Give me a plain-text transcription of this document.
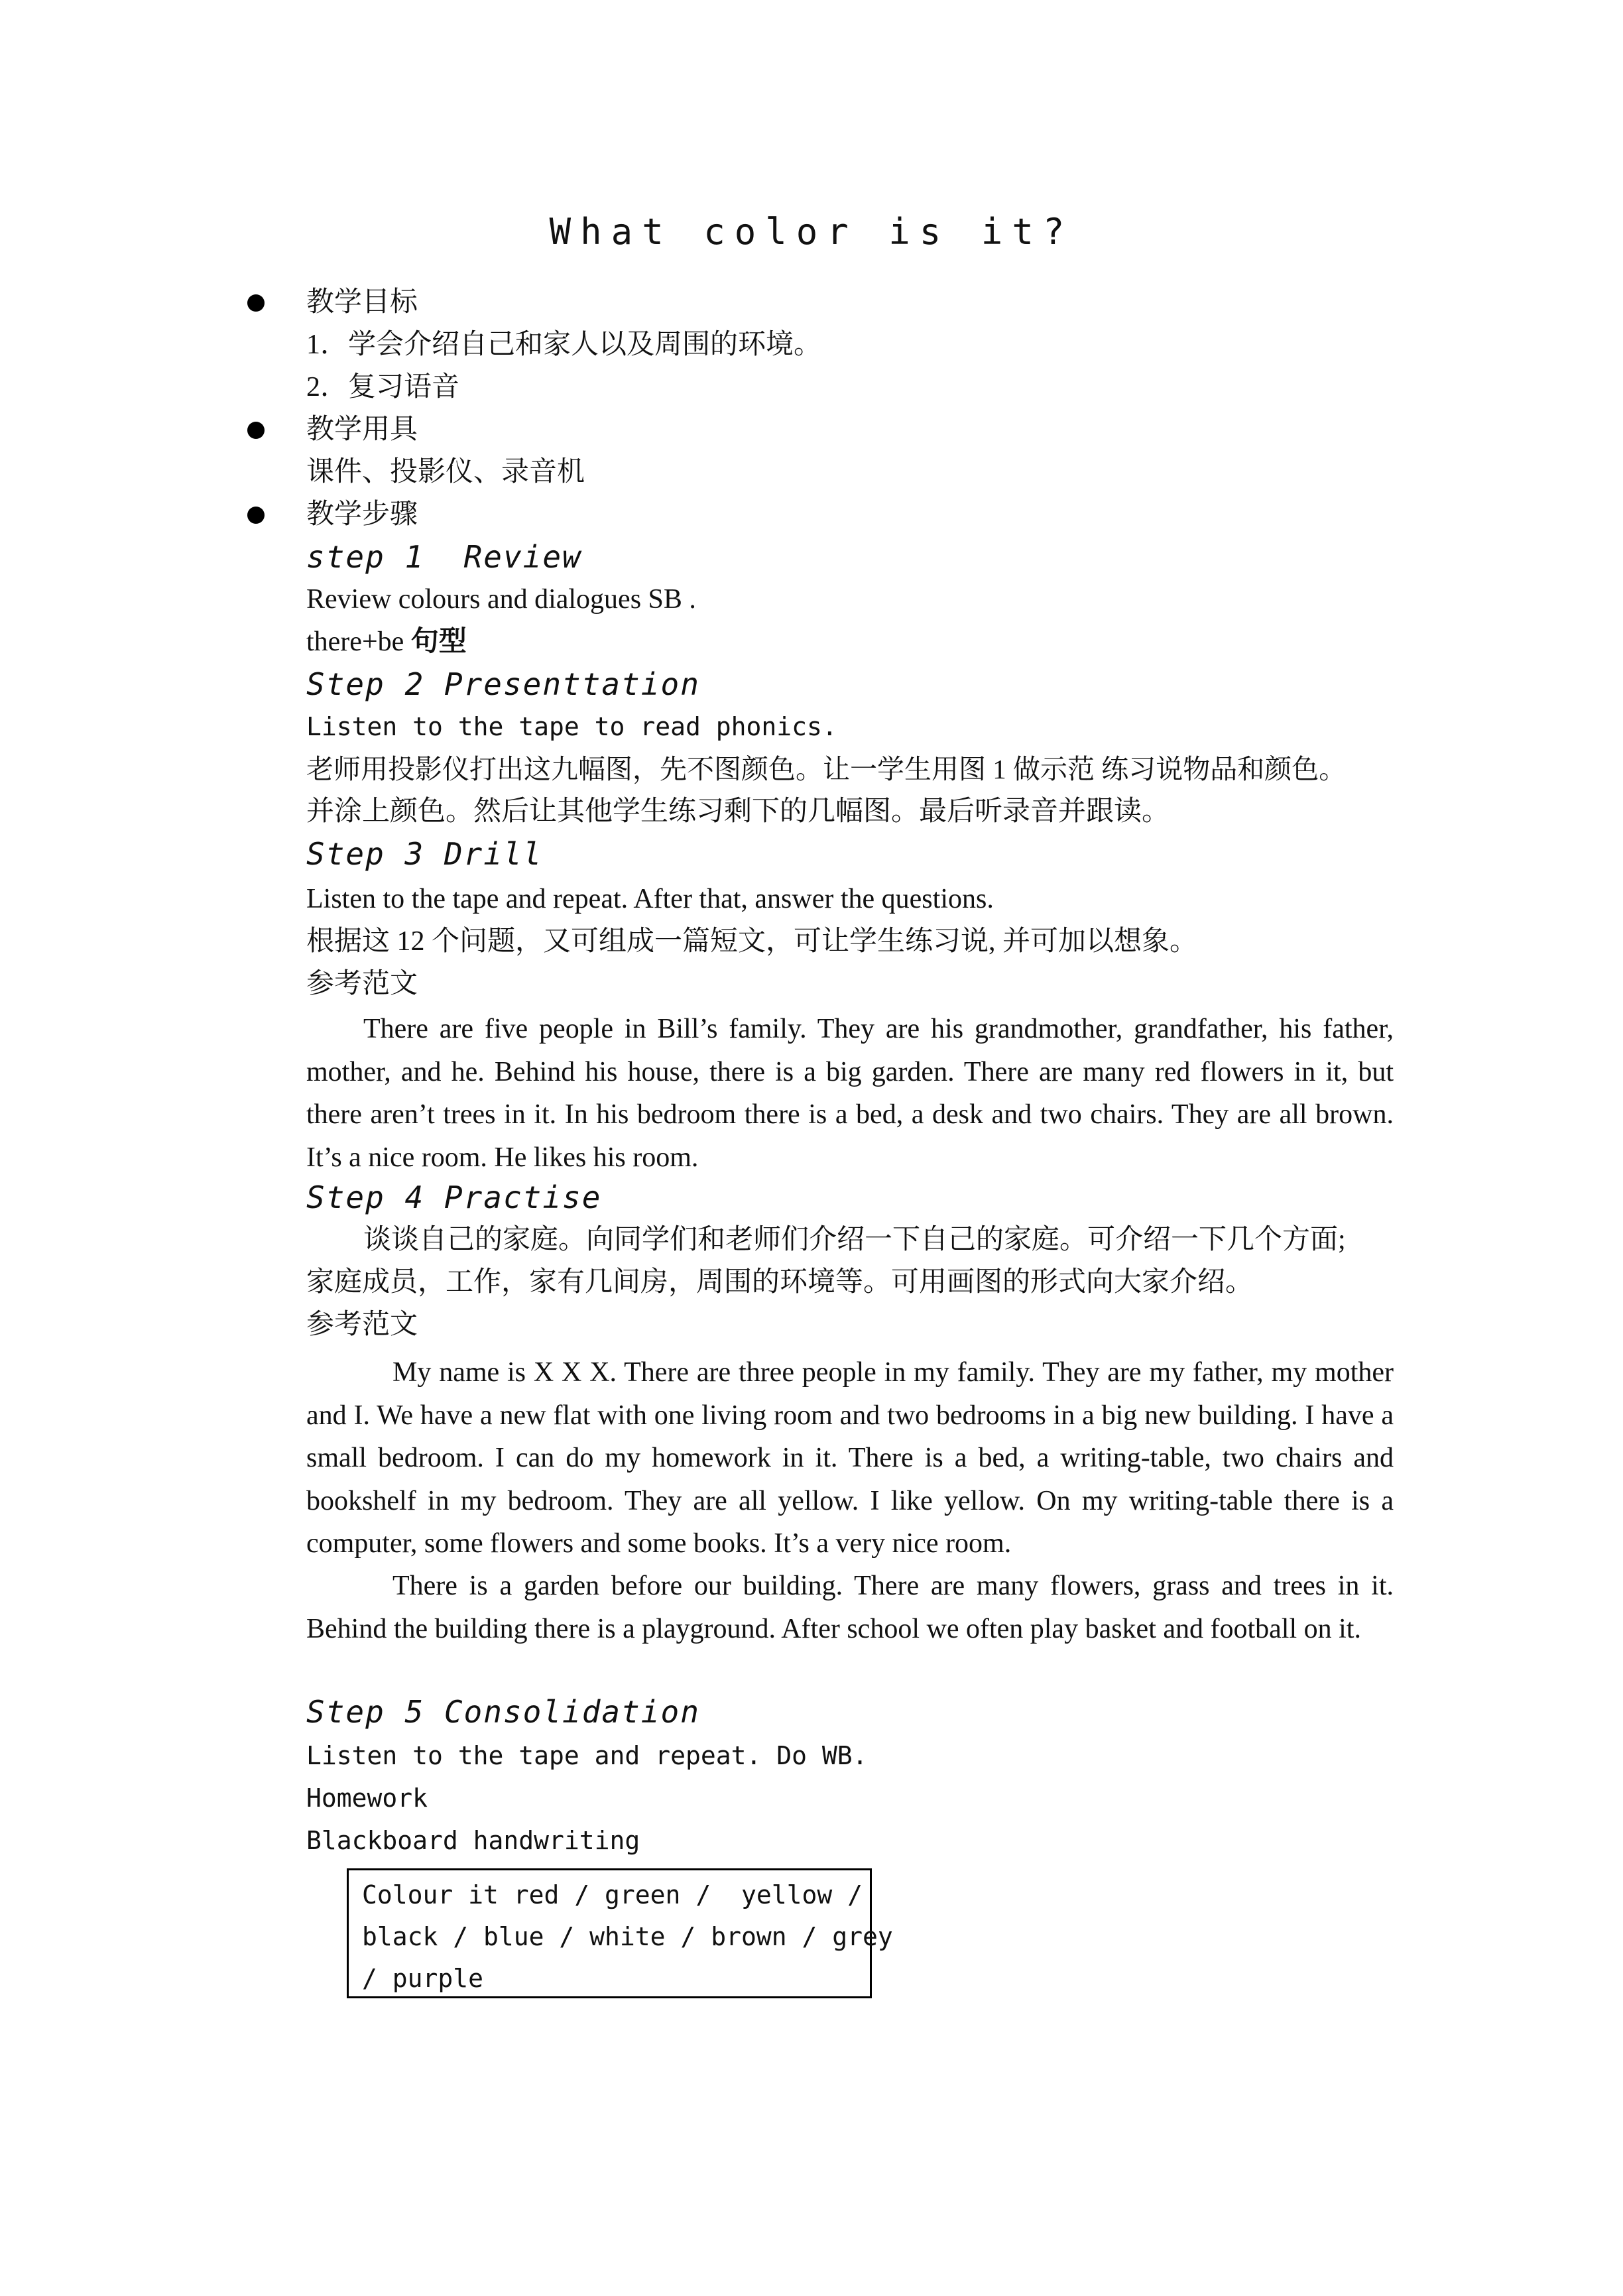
What color is it?
教学目标
1．学会介绍自己和家人以及周围的环境。
2．复习语音
教学用具
课件、投影仪、录音机
教学步骤
step 1  Review
Review colours and dialogues SB .
there+be 句型
Step 2 Presenttation
Listen to the tape to read phonics.
老师用投影仪打出这九幅图，先不图颜色。让一学生用图 1 做示范 练习说物品和颜色。
并涂上颜色。然后让其他学生练习剩下的几幅图。最后听录音并跟读。
Step 3 Drill
Listen to the tape and repeat. After that, answer the questions.
根据这 12 个问题，又可组成一篇短文，可让学生练习说, 并可加以想象。
参考范文

There are five people in Bill’s family. They are his grandmother, grandfather, his father, mother, and he. Behind his house, there is a big garden. There are many red flowers in it, but there aren’t trees in it. In his bedroom there is a bed, a desk and two chairs. They are all brown. It’s a nice room. He likes his room.

Step 4 Practise
谈谈自己的家庭。向同学们和老师们介绍一下自己的家庭。可介绍一下几个方面;
家庭成员，工作，家有几间房，周围的环境等。可用画图的形式向大家介绍。
参考范文

My name is X X X. There are three people in my family. They are my father, my mother and I. We have a new flat with one living room and two bedrooms in a big new building. I have a small bedroom. I can do my homework in it. There is a bed, a writing-table, two chairs and bookshelf in my bedroom. They are all yellow. I like yellow. On my writing-table there is a computer, some flowers and some books. It’s a very nice room.

There is a garden before our building. There are many flowers, grass and trees in it. Behind the building there is a playground. After school we often play basket and football on it.

Step 5 Consolidation
Listen to the tape and repeat. Do WB.
Homework
Blackboard handwriting
Colour it red / green /  yellow /
black / blue / white / brown / grey
/ purple
